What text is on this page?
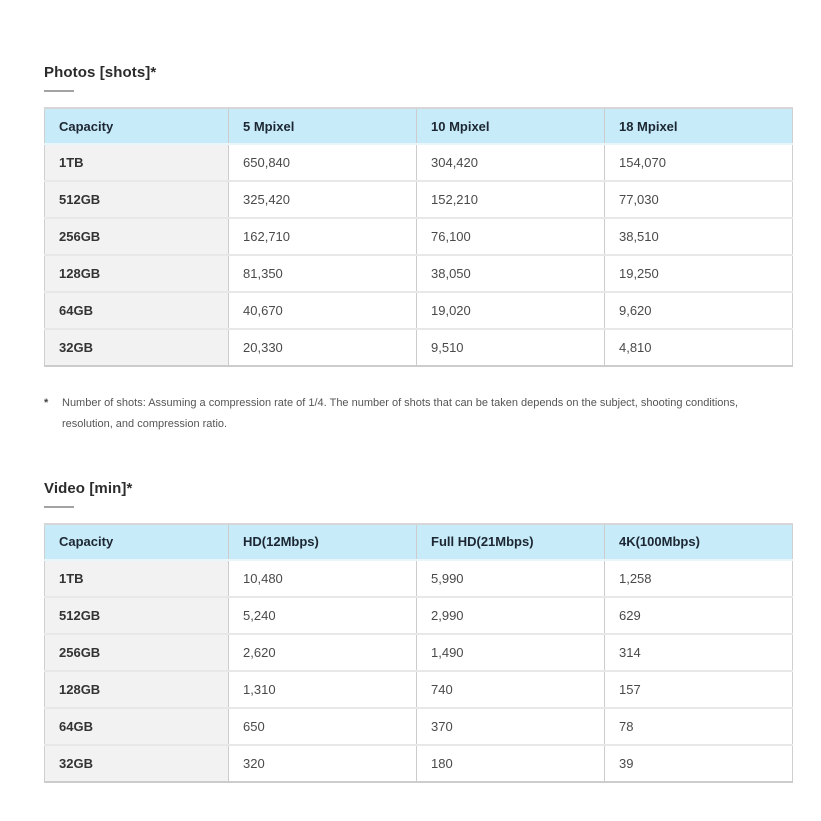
Photos [shots]*
Capacity	5 Mpixel	10 Mpixel	18 Mpixel
1TB	650,840	304,420	154,070
512GB	325,420	152,210	77,030
256GB	162,710	76,100	38,510
128GB	81,350	38,050	19,250
64GB	40,670	19,020	9,620
32GB	20,330	9,510	4,810
*	Number of shots: Assuming a compression rate of 1/4. The number of shots that can be taken depends on the subject, shooting conditions, resolution, and compression ratio.
Video [min]*
Capacity	HD(12Mbps)	Full HD(21Mbps)	4K(100Mbps)
1TB	10,480	5,990	1,258
512GB	5,240	2,990	629
256GB	2,620	1,490	314
128GB	1,310	740	157
64GB	650	370	78
32GB	320	180	39
